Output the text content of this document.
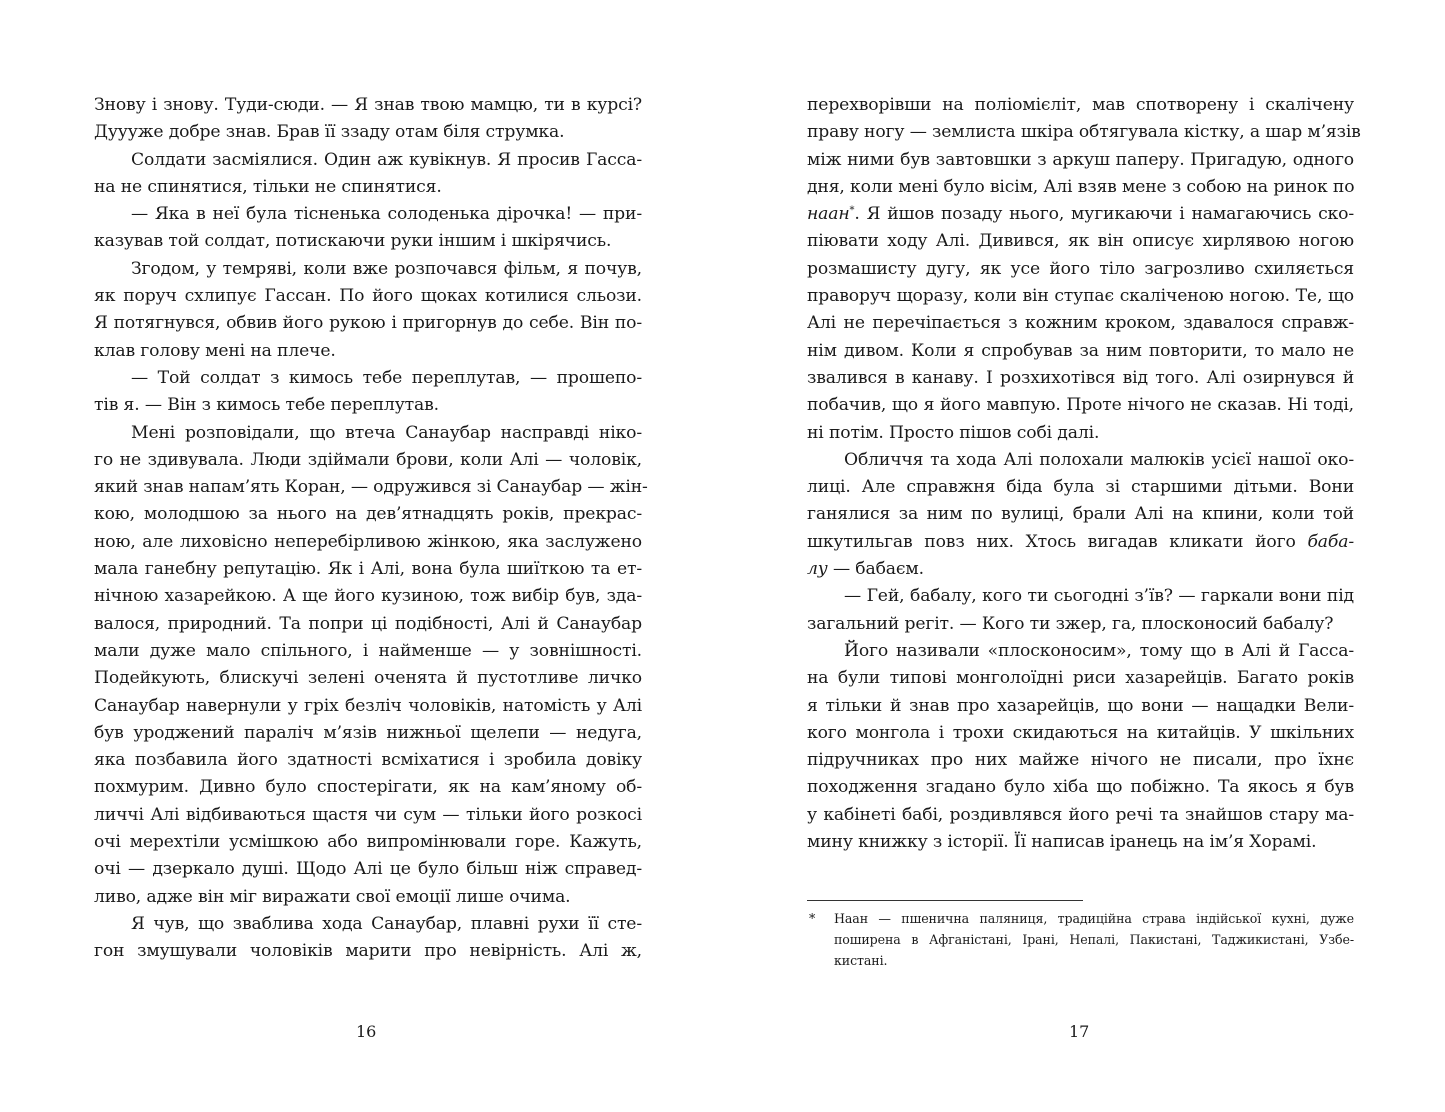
Знову і знову. Туди-сюди. — Я знав твою мамцю, ти в курсі?
Дуууже добре знав. Брав її ззаду отам біля струмка.
Солдати засміялися. Один аж кувікнув. Я просив Гасса-
на не спинятися, тільки не спинятися.
— Яка в неї була тісненька солоденька дірочка! — при-
казував той солдат, потискаючи руки іншим і шкірячись.
Згодом, у темряві, коли вже розпочався фільм, я почув,
як поруч схлипує Гассан. По його щоках котилися сльози.
Я потягнувся, обвив його рукою і пригорнув до себе. Він по-
клав голову мені на плече.
— Той солдат з кимось тебе переплутав, — прошепо-
тів я. — Він з кимось тебе переплутав.
Мені розповідали, що втеча Санаубар насправді ніко-
го не здивувала. Люди здіймали брови, коли Алі — чоловік,
який знав напам’ять Коран, — одружився зі Санаубар — жін-
кою, молодшою за нього на дев’ятнадцять років, прекрас-
ною, але лиховісно неперебірливою жінкою, яка заслужено
мала ганебну репутацію. Як і Алі, вона була шиїткою та ет-
нічною хазарейкою. А ще його кузиною, тож вибір був, зда-
валося, природний. Та попри ці подібності, Алі й Санаубар
мали дуже мало спільного, і найменше — у зовнішності.
Подейкують, блискучі зелені оченята й пустотливе личко
Санаубар навернули у гріх безліч чоловіків, натомість у Алі
був уроджений параліч м’язів нижньої щелепи — недуга,
яка позбавила його здатності всміхатися і зробила довіку
похмурим. Дивно було спостерігати, як на кам’яному об-
личчі Алі відбиваються щастя чи сум — тільки його розкосі
очі мерехтіли усмішкою або випромінювали горе. Кажуть,
очі — дзеркало душі. Щодо Алі це було більш ніж справед-
ливо, адже він міг виражати свої емоції лише очима.
Я чув, що зваблива хода Санаубар, плавні рухи її сте-
гон змушували чоловіків марити про невірність. Алі ж,
перехворівши на поліомієліт, мав спотворену і скалічену
праву ногу — землиста шкіра обтягувала кістку, а шар м’язів
між ними був завтовшки з аркуш паперу. Пригадую, одного
дня, коли мені було вісім, Алі взяв мене з собою на ринок по
наан*. Я йшов позаду нього, мугикаючи і намагаючись ско-
піювати ходу Алі. Дивився, як він описує хирлявою ногою
розмашисту дугу, як усе його тіло загрозливо схиляється
праворуч щоразу, коли він ступає скаліченою ногою. Те, що
Алі не перечіпається з кожним кроком, здавалося справж-
нім дивом. Коли я спробував за ним повторити, то мало не
звалився в канаву. І розхихотівся від того. Алі озирнувся й
побачив, що я його мавпую. Проте нічого не сказав. Ні тоді,
ні потім. Просто пішов собі далі.
Обличчя та хода Алі полохали малюків усієї нашої око-
лиці. Але справжня біда була зі старшими дітьми. Вони
ганялися за ним по вулиці, брали Алі на кпини, коли той
шкутильгав повз них. Хтось вигадав кликати його бабa-
лу — бабаєм.
— Гей, бабалу, кого ти сьогодні з’їв? — гаркали вони під
загальний регіт. — Кого ти зжер, га, плосконосий бабалу?
Його називали «плосконосим», тому що в Алі й Гасса-
на були типові монголоїдні риси хазарейців. Багато років
я тільки й знав про хазарейців, що вони — нащадки Вели-
кого монгола і трохи скидаються на китайців. У шкільних
підручниках про них майже нічого не писали, про їхнє
походження згадано було хіба що побіжно. Та якось я був
у кабінеті бабі, роздивлявся його речі та знайшов стару ма-
мину книжку з історії. Її написав іранець на ім’я Хорамі.
*	Наан — пшенична паляниця, традиційна страва індійської кухні, дуже
поширена в Афганістані, Ірані, Непалі, Пакистані, Таджикистані, Узбе-
кистані.
16	17
